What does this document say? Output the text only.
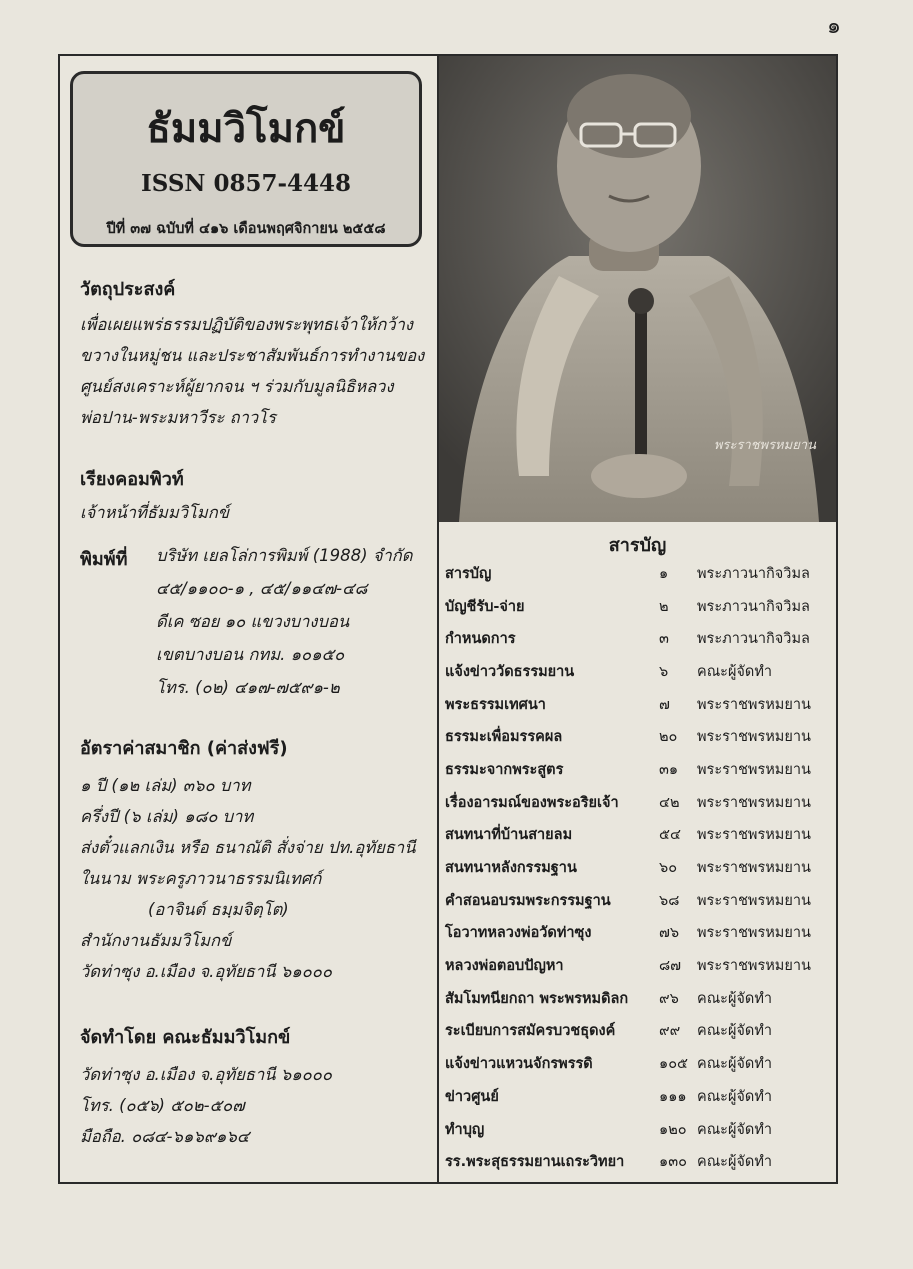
๑
ธัมมวิโมกข์
ISSN 0857-4448
ปีที่ ๓๗ ฉบับที่ ๔๑๖ เดือนพฤศจิกายน ๒๕๕๘
วัตถุประสงค์
เพื่อเผยแพร่ธรรมปฏิบัติของพระพุทธเจ้าให้กว้าง
ขวางในหมู่ชน และประชาสัมพันธ์การทำงานของ
ศูนย์สงเคราะห์ผู้ยากจน ฯ ร่วมกับมูลนิธิหลวง
พ่อปาน-พระมหาวีระ ถาวโร
เรียงคอมพิวท์
เจ้าหน้าที่ธัมมวิโมกข์
พิมพ์ที่	บริษัท เยลโล่การพิมพ์ (1988) จำกัด
๔๕/๑๑๐๐-๑ , ๔๕/๑๑๔๗-๔๘
ดีเค ซอย ๑๐ แขวงบางบอน
เขตบางบอน กทม. ๑๐๑๕๐
โทร. (๐๒) ๔๑๗-๗๕๙๑-๒
อัตราค่าสมาชิก (ค่าส่งฟรี)
๑ ปี (๑๒ เล่ม) ๓๖๐ บาท
ครึ่งปี (๖ เล่ม) ๑๘๐ บาท
ส่งตั๋วแลกเงิน หรือ ธนาณัติ สั่งจ่าย ปท.อุทัยธานี
ในนาม พระครูภาวนาธรรมนิเทศก์
(อาจินต์ ธมฺมจิตฺโต)
สำนักงานธัมมวิโมกข์
วัดท่าซุง อ.เมือง จ.อุทัยธานี ๖๑๐๐๐
จัดทำโดย คณะธัมมวิโมกข์
วัดท่าซุง อ.เมือง จ.อุทัยธานี ๖๑๐๐๐
โทร. (๐๕๖) ๕๐๒-๕๐๗
มือถือ. ๐๘๔-๖๑๖๙๑๖๔
พระราชพรหมยาน
สารบัญ
สารบัญ	๑	พระภาวนากิจวิมล
บัญชีรับ-จ่าย	๒	พระภาวนากิจวิมล
กำหนดการ	๓	พระภาวนากิจวิมล
แจ้งข่าววัดธรรมยาน	๖	คณะผู้จัดทำ
พระธรรมเทศนา	๗	พระราชพรหมยาน
ธรรมะเพื่อมรรคผล	๒๐	พระราชพรหมยาน
ธรรมะจากพระสูตร	๓๑	พระราชพรหมยาน
เรื่องอารมณ์ของพระอริยเจ้า	๔๒	พระราชพรหมยาน
สนทนาที่บ้านสายลม	๕๔	พระราชพรหมยาน
สนทนาหลังกรรมฐาน	๖๐	พระราชพรหมยาน
คำสอนอบรมพระกรรมฐาน	๖๘	พระราชพรหมยาน
โอวาทหลวงพ่อวัดท่าซุง	๗๖	พระราชพรหมยาน
หลวงพ่อตอบปัญหา	๘๗	พระราชพรหมยาน
สัมโมทนียกถา พระพรหมดิลก	๙๖	คณะผู้จัดทำ
ระเบียบการสมัครบวชธุดงค์	๙๙	คณะผู้จัดทำ
แจ้งข่าวแหวนจักรพรรดิ	๑๐๕	คณะผู้จัดทำ
ข่าวศูนย์	๑๑๑	คณะผู้จัดทำ
ทำบุญ	๑๒๐	คณะผู้จัดทำ
รร.พระสุธรรมยานเถระวิทยา	๑๓๐	คณะผู้จัดทำ
